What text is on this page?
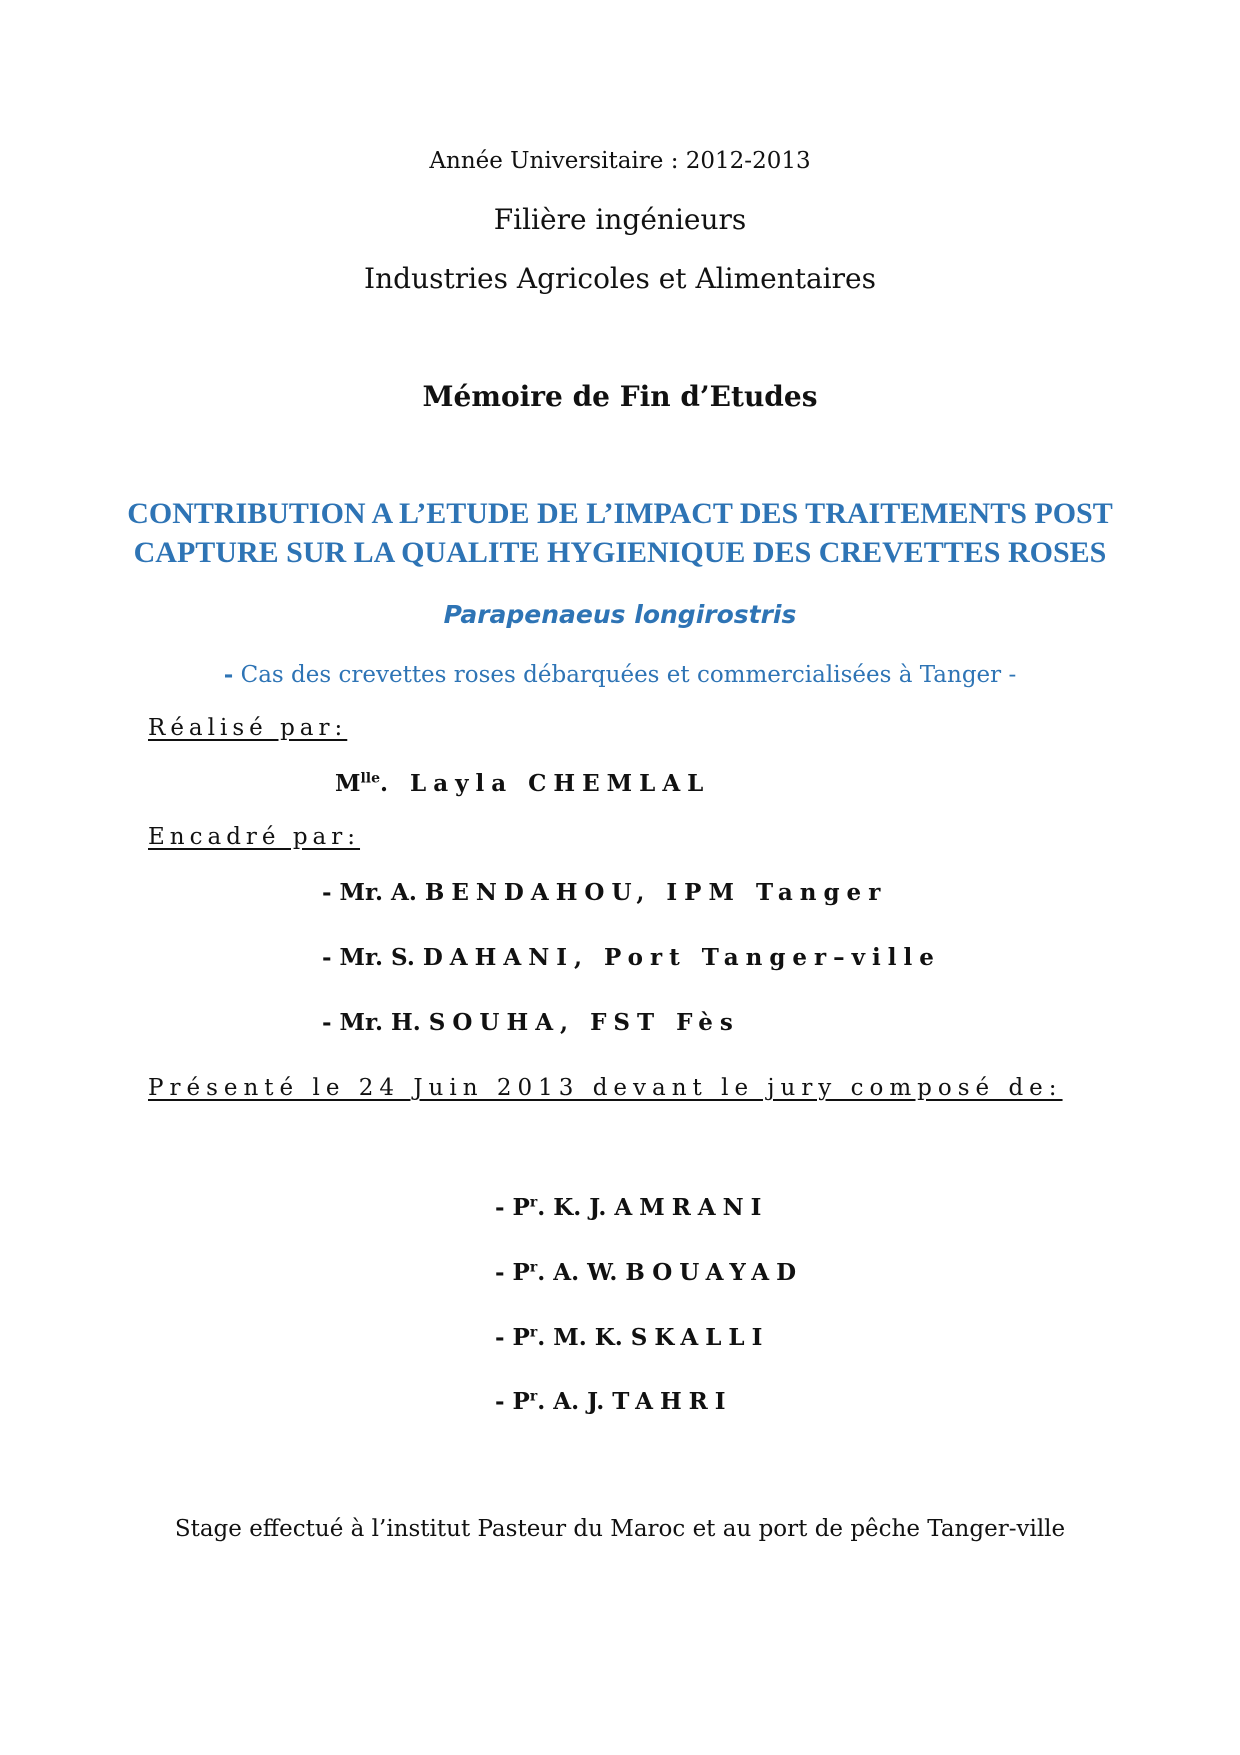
Année Universitaire : 2012-2013
Filière ingénieurs
Industries Agricoles et Alimentaires
Mémoire de Fin d’Etudes
CONTRIBUTION A L’ETUDE DE L’IMPACT DES TRAITEMENTS POST
CAPTURE SUR LA QUALITE HYGIENIQUE DES CREVETTES ROSES
Parapenaeus longirostris
- Cas des crevettes roses débarquées et commercialisées à Tanger -
Réalisé par:
$M^{lle}$. Layla CHEMLAL
Encadré par:
- Mr. A. BENDAHOU, IPM Tanger
- Mr. S. DAHANI, Port Tanger–ville
- Mr. H. SOUHA, FST Fès
Présenté le 24 Juin 2013 devant le jury composé de:
- $P^r$. K. J. AMRANI
- $P^r$. A. W. BOUAYAD
- $P^r$. M. K. SKALLI
- $P^r$. A. J. TAHRI
Stage effectué à l’institut Pasteur du Maroc et au port de pêche Tanger-ville
